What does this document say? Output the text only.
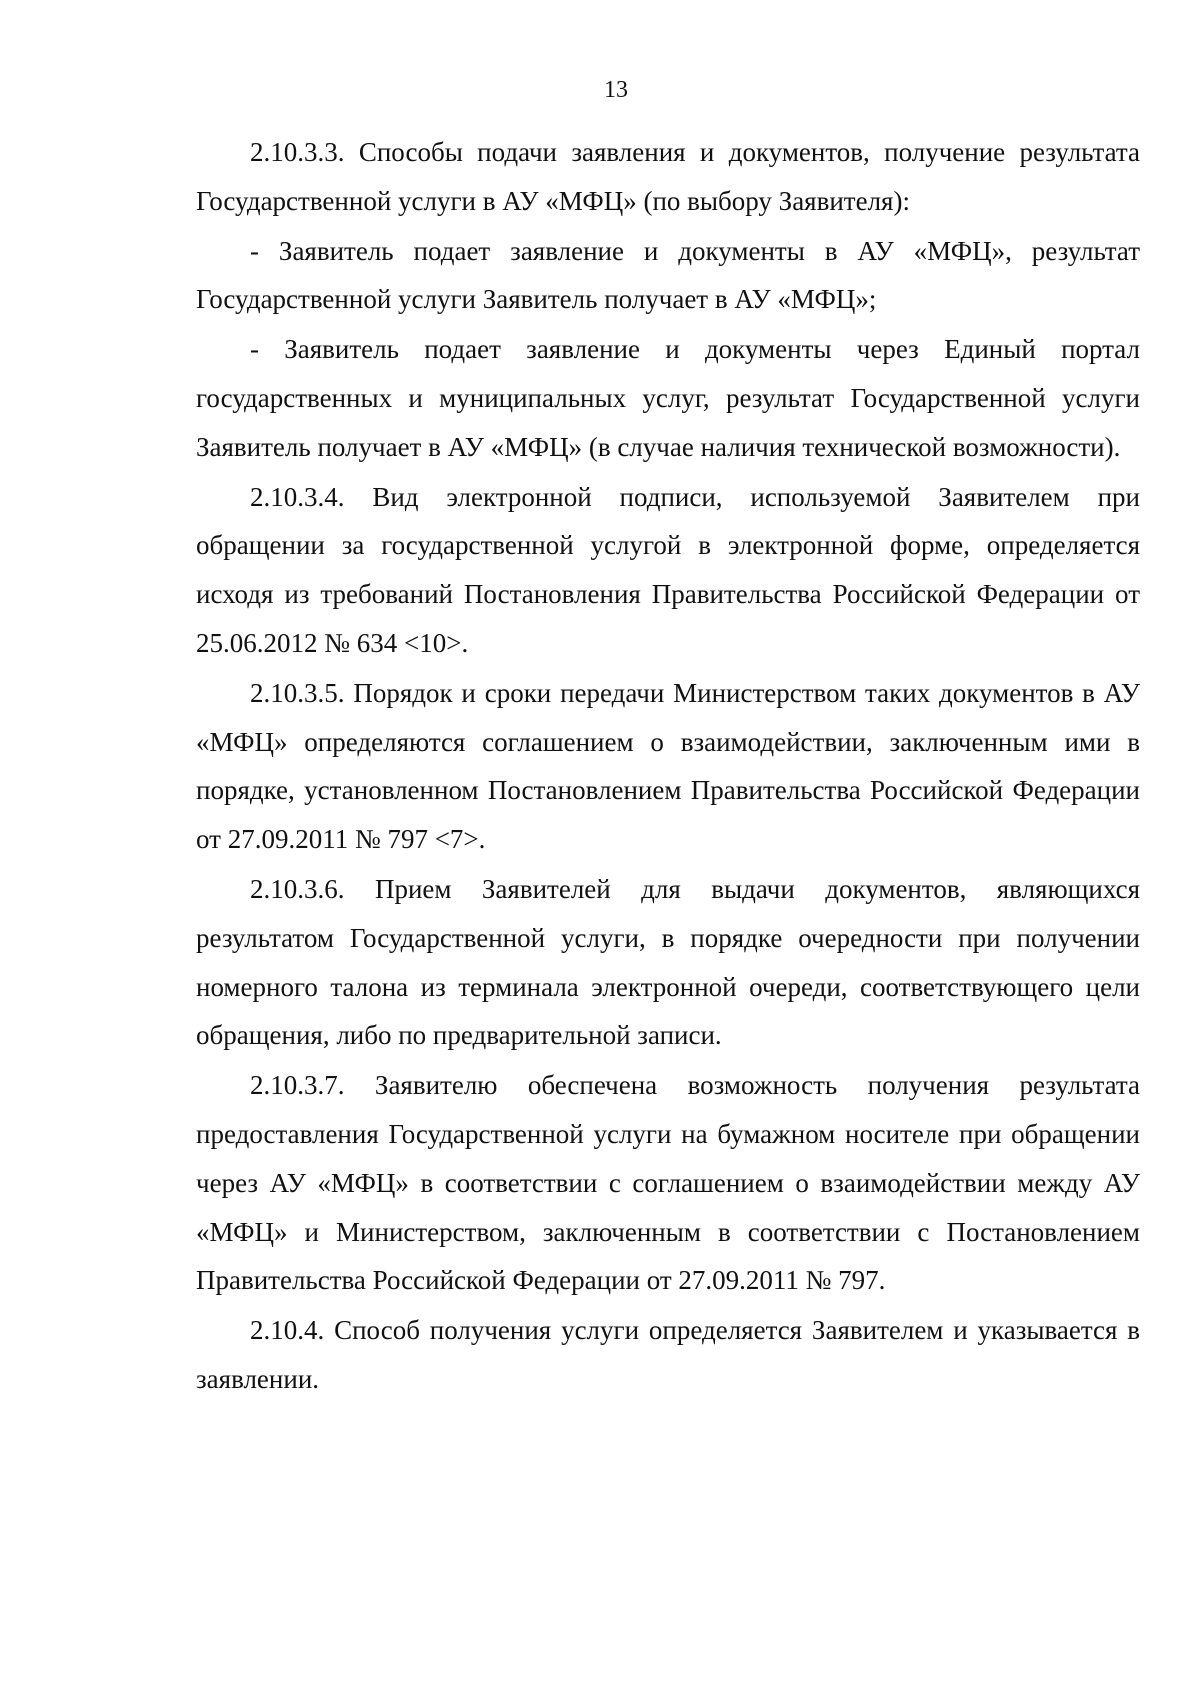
13

2.10.3.3. Способы подачи заявления и документов, получение результата Государственной услуги в АУ «МФЦ» (по выбору Заявителя):

- Заявитель подает заявление и документы в АУ «МФЦ», результат Государственной услуги Заявитель получает в АУ «МФЦ»;

- Заявитель подает заявление и документы через Единый портал государственных и муниципальных услуг, результат Государственной услуги Заявитель получает в АУ «МФЦ» (в случае наличия технической возможности).

2.10.3.4. Вид электронной подписи, используемой Заявителем при обращении за государственной услугой в электронной форме, определяется исходя из требований Постановления Правительства Российской Федерации от 25.06.2012 № 634 <10>.

2.10.3.5. Порядок и сроки передачи Министерством таких документов в АУ «МФЦ» определяются соглашением о взаимодействии, заключенным ими в порядке, установленном Постановлением Правительства Российской Федерации от 27.09.2011 № 797 <7>.

2.10.3.6. Прием Заявителей для выдачи документов, являющихся результатом Государственной услуги, в порядке очередности при получении номерного талона из терминала электронной очереди, соответствующего цели обращения, либо по предварительной записи.

2.10.3.7. Заявителю обеспечена возможность получения результата предоставления Государственной услуги на бумажном носителе при обращении через АУ «МФЦ» в соответствии с соглашением о взаимодействии между АУ «МФЦ» и Министерством, заключенным в соответствии с Постановлением Правительства Российской Федерации от 27.09.2011 № 797.

2.10.4. Способ получения услуги определяется Заявителем и указывается в заявлении.
